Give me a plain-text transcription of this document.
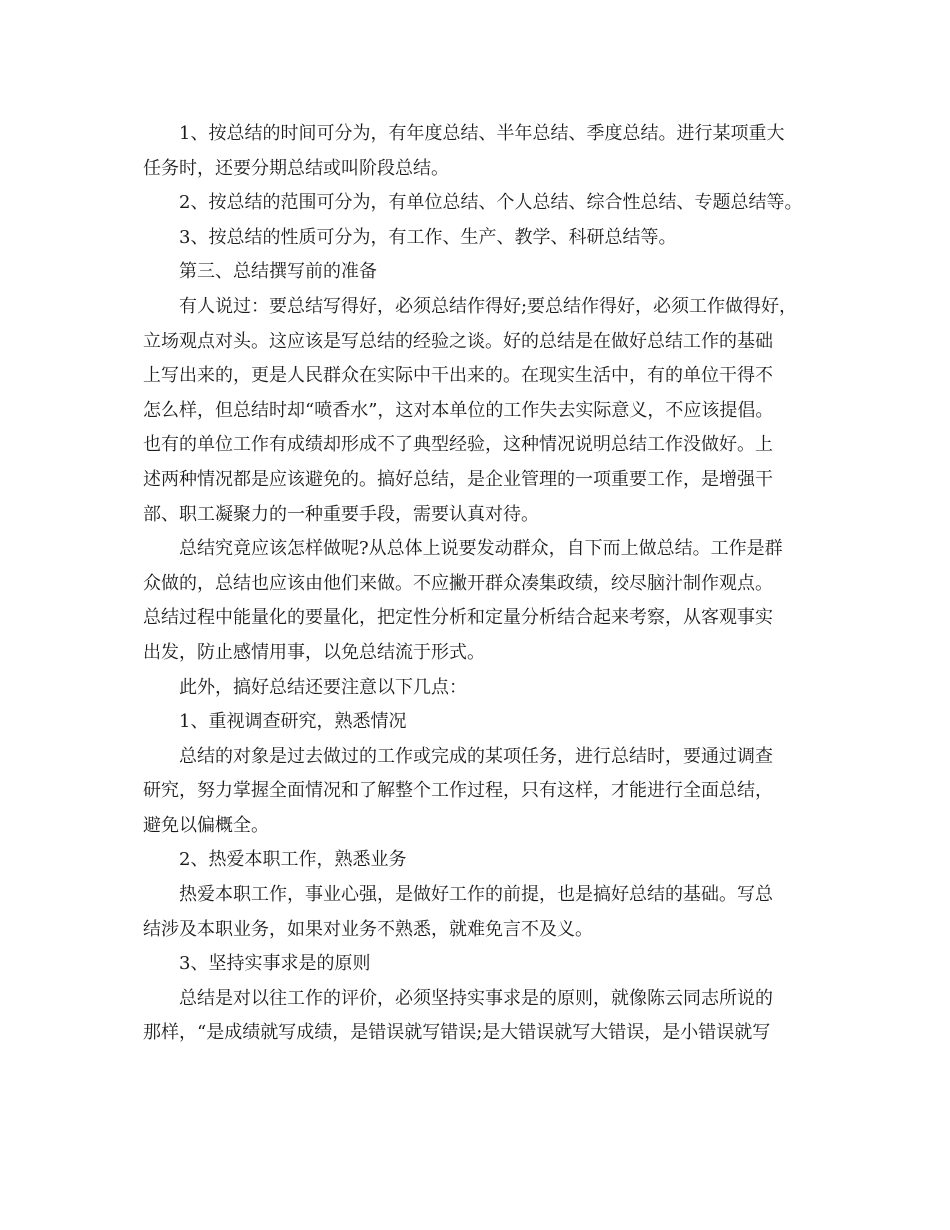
1、按总结的时间可分为，有年度总结、半年总结、季度总结。进行某项重大
任务时，还要分期总结或叫阶段总结。
2、按总结的范围可分为，有单位总结、个人总结、综合性总结、专题总结等。
3、按总结的性质可分为，有工作、生产、教学、科研总结等。
第三、总结撰写前的准备
有人说过：要总结写得好，必须总结作得好;要总结作得好，必须工作做得好，
立场观点对头。这应该是写总结的经验之谈。好的总结是在做好总结工作的基础
上写出来的，更是人民群众在实际中干出来的。在现实生活中，有的单位干得不
怎么样，但总结时却“喷香水”，这对本单位的工作失去实际意义，不应该提倡。
也有的单位工作有成绩却形成不了典型经验，这种情况说明总结工作没做好。上
述两种情况都是应该避免的。搞好总结，是企业管理的一项重要工作，是增强干
部、职工凝聚力的一种重要手段，需要认真对待。
总结究竟应该怎样做呢?从总体上说要发动群众，自下而上做总结。工作是群
众做的，总结也应该由他们来做。不应撇开群众凑集政绩，绞尽脑汁制作观点。
总结过程中能量化的要量化，把定性分析和定量分析结合起来考察，从客观事实
出发，防止感情用事，以免总结流于形式。
此外，搞好总结还要注意以下几点：
1、重视调查研究，熟悉情况
总结的对象是过去做过的工作或完成的某项任务，进行总结时，要通过调查
研究，努力掌握全面情况和了解整个工作过程，只有这样，才能进行全面总结，
避免以偏概全。
2、热爱本职工作，熟悉业务
热爱本职工作，事业心强，是做好工作的前提，也是搞好总结的基础。写总
结涉及本职业务，如果对业务不熟悉，就难免言不及义。
3、坚持实事求是的原则
总结是对以往工作的评价，必须坚持实事求是的原则，就像陈云同志所说的
那样，“是成绩就写成绩，是错误就写错误;是大错误就写大错误，是小错误就写
